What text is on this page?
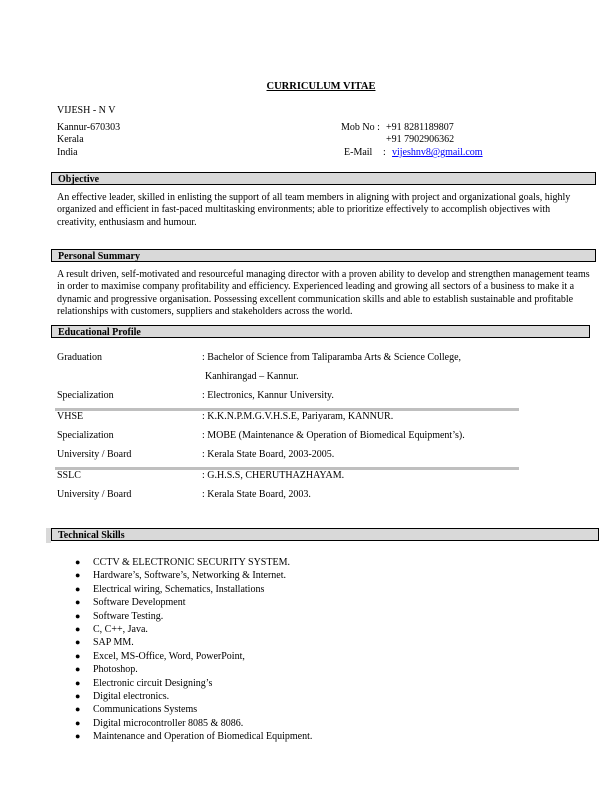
CURRICULUM VITAE
VIJESH - N V
Kannur-670303
Kerala
India
Mob No : +91 8281189807
+91 7902906362
E-Mail : vijeshnv8@gmail.com
Objective
An effective leader, skilled in enlisting the support of all team members in aligning with project and organizational goals, highly organized and efficient in fast-paced multitasking environments; able to prioritize effectively to accomplish objectives with creativity, enthusiasm and humour.
Personal Summary
A result driven, self-motivated and resourceful managing director with a proven ability to develop and strengthen management teams in order to maximise company profitability and efficiency. Experienced leading and growing all sectors of a business to make it a dynamic and progressive organisation. Possessing excellent communication skills and able to establish sustainable and profitable relationships with customers, suppliers and stakeholders across the world.
Educational Profile
Graduation	: Bachelor of Science from Taliparamba Arts & Science College,
Kanhirangad – Kannur.
Specialization	: Electronics, Kannur University.
VHSE	: K.K.N.P.M.G.V.H.S.E, Pariyaram, KANNUR.
Specialization	: MOBE (Maintenance & Operation of Biomedical Equipment’s).
University / Board	: Kerala State Board, 2003-2005.
SSLC	: G.H.S.S, CHERUTHAZHAYAM.
University / Board	: Kerala State Board, 2003.
Technical Skills
● CCTV & ELECTRONIC SECURITY SYSTEM.
● Hardware’s, Software’s, Networking & Internet.
● Electrical wiring, Schematics, Installations
● Software Development
● Software Testing.
● C, C++, Java.
● SAP MM.
● Excel, MS-Office, Word, PowerPoint,
● Photoshop.
● Electronic circuit Designing’s
● Digital electronics.
● Communications Systems
● Digital microcontroller 8085 & 8086.
● Maintenance and Operation of Biomedical Equipment.
